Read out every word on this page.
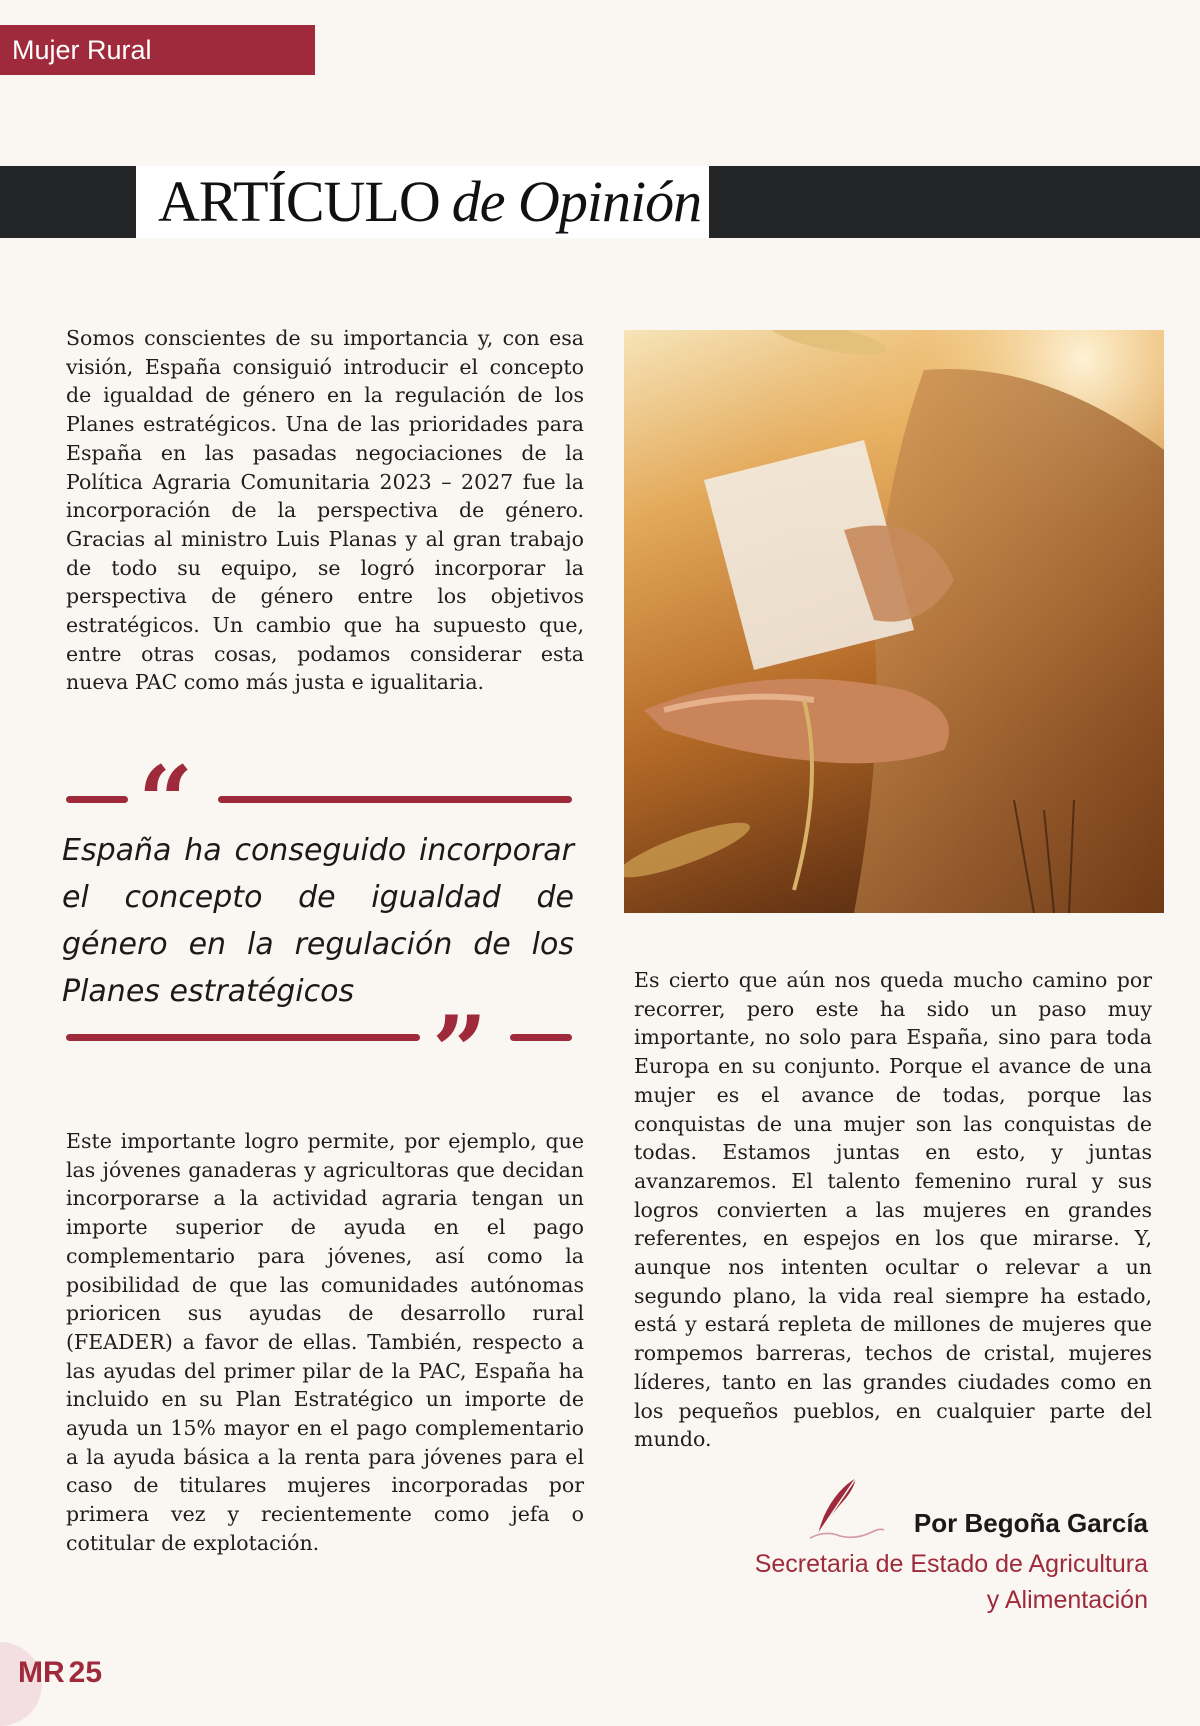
Mujer Rural
ARTÍCULO de Opinión
Somos conscientes de su importancia y, con esa visión, España consiguió introducir el concepto de igualdad de género en la regulación de los Planes estratégicos. Una de las prioridades para España en las pasadas negociaciones de la Política Agraria Comunitaria 2023 – 2027 fue la incorporación de la perspectiva de género. Gracias al ministro Luis Planas y al gran trabajo de todo su equipo, se logró incorporar la perspectiva de género entre los objetivos estratégicos. Un cambio que ha supuesto que, entre otras cosas, podamos considerar esta nueva PAC como más justa e igualitaria.
“
España ha conseguido incorporar el concepto de igualdad de género en la regulación de los Planes estratégicos
”
Este importante logro permite, por ejemplo, que las jóvenes ganaderas y agricultoras que decidan incorporarse a la actividad agraria tengan un importe superior de ayuda en el pago complementario para jóvenes, así como la posibilidad de que las comunidades autónomas prioricen sus ayudas de desarrollo rural (FEADER) a favor de ellas. También, respecto a las ayudas del primer pilar de la PAC, España ha incluido en su Plan Estratégico un importe de ayuda un 15% mayor en el pago complementario a la ayuda básica a la renta para jóvenes para el caso de titulares mujeres incorporadas por primera vez y recientemente como jefa o cotitular de explotación.
Es cierto que aún nos queda mucho camino por recorrer, pero este ha sido un paso muy importante, no solo para España, sino para toda Europa en su conjunto. Porque el avance de una mujer es el avance de todas, porque las conquistas de una mujer son las conquistas de todas. Estamos juntas en esto, y juntas avanzaremos. El talento femenino rural y sus logros convierten a las mujeres en grandes referentes, en espejos en los que mirarse. Y, aunque nos intenten ocultar o relevar a un segundo plano, la vida real siempre ha estado, está y estará repleta de millones de mujeres que rompemos barreras, techos de cristal, mujeres líderes, tanto en las grandes ciudades como en los pequeños pueblos, en cualquier parte del mundo.
Por Begoña García
Secretaria de Estado de Agricultura
y Alimentación
MR 25
